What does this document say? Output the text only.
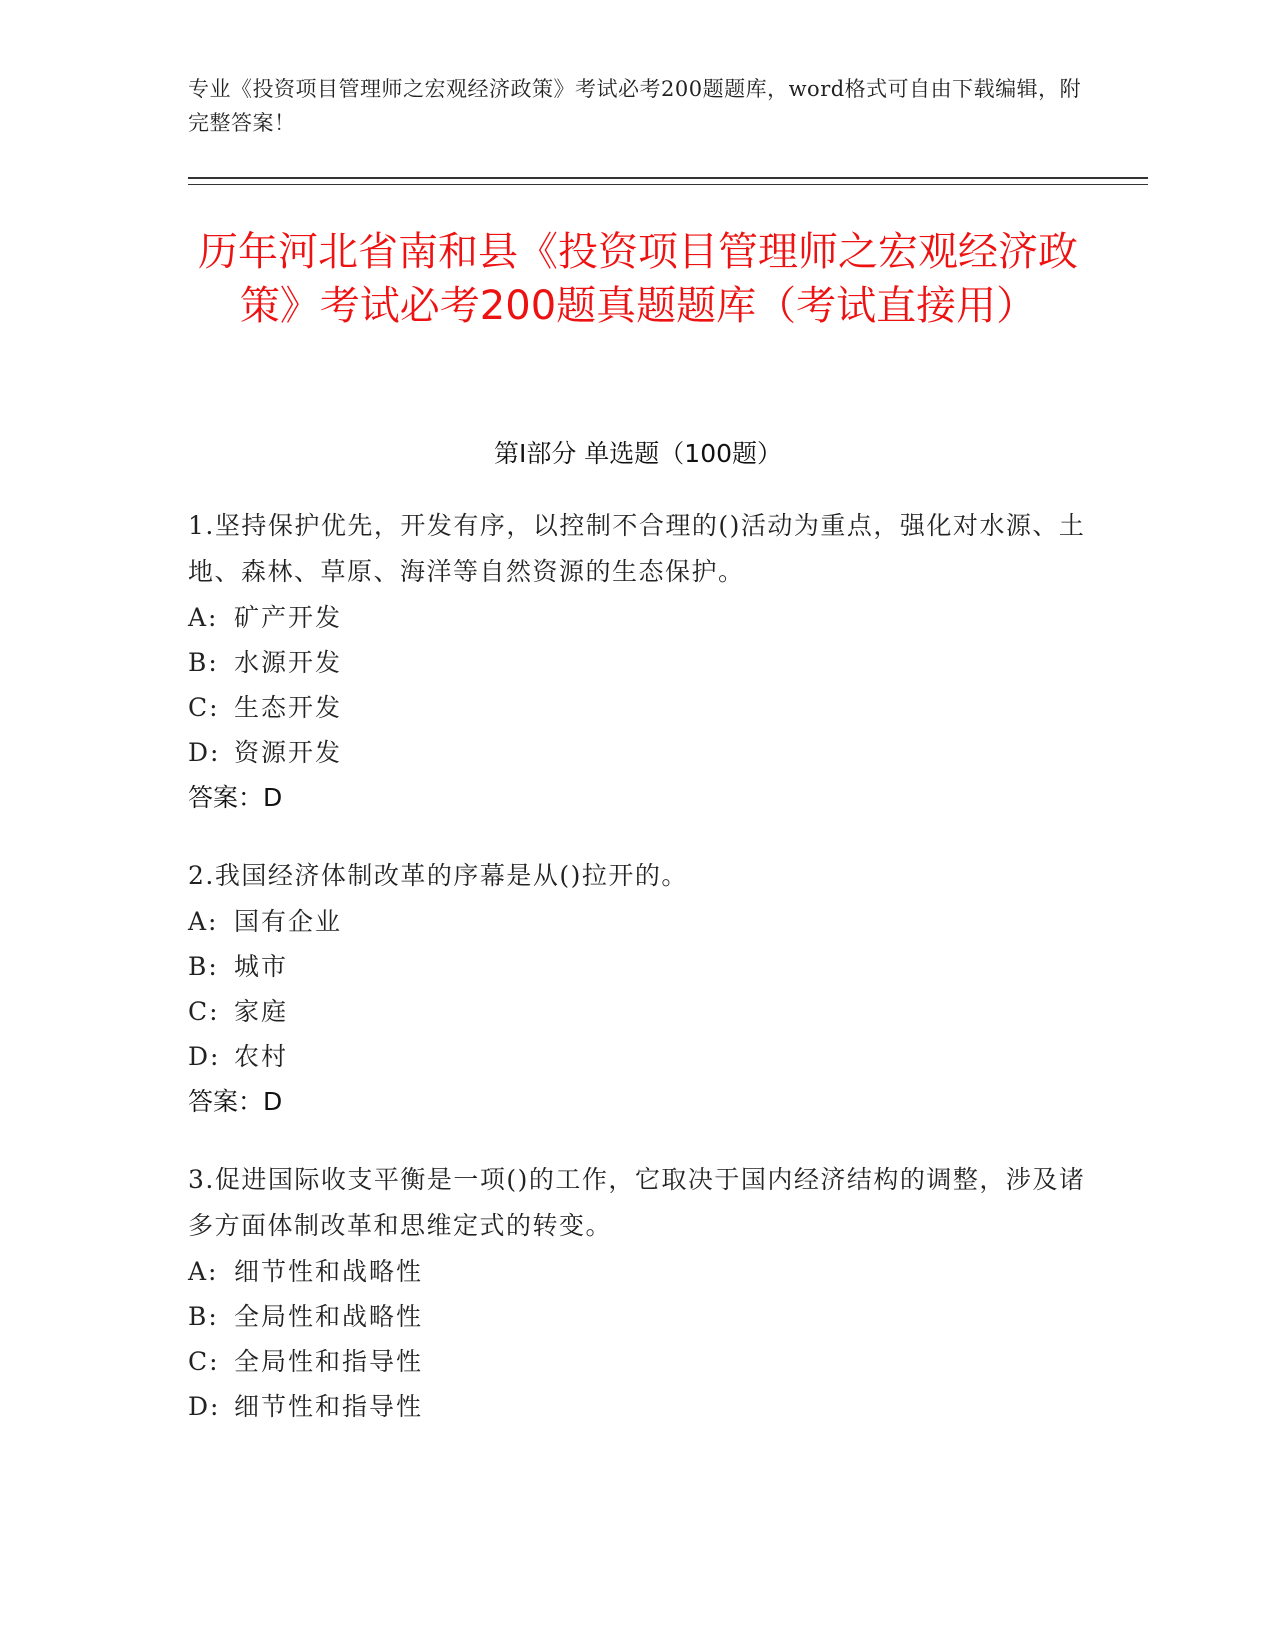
专业《投资项目管理师之宏观经济政策》考试必考200题题库，word格式可自由下载编辑，附完整答案！
历年河北省南和县《投资项目管理师之宏观经济政策》考试必考200题真题题库（考试直接用）
第I部分 单选题（100题）

1.坚持保护优先，开发有序，以控制不合理的()活动为重点，强化对水源、土地、森林、草原、海洋等自然资源的生态保护。

A: 矿产开发

B: 水源开发

C: 生态开发

D: 资源开发

答案：D

2.我国经济体制改革的序幕是从()拉开的。

A: 国有企业

B: 城市

C: 家庭

D: 农村

答案：D

3.促进国际收支平衡是一项()的工作，它取决于国内经济结构的调整，涉及诸多方面体制改革和思维定式的转变。

A: 细节性和战略性

B: 全局性和战略性

C: 全局性和指导性

D: 细节性和指导性
